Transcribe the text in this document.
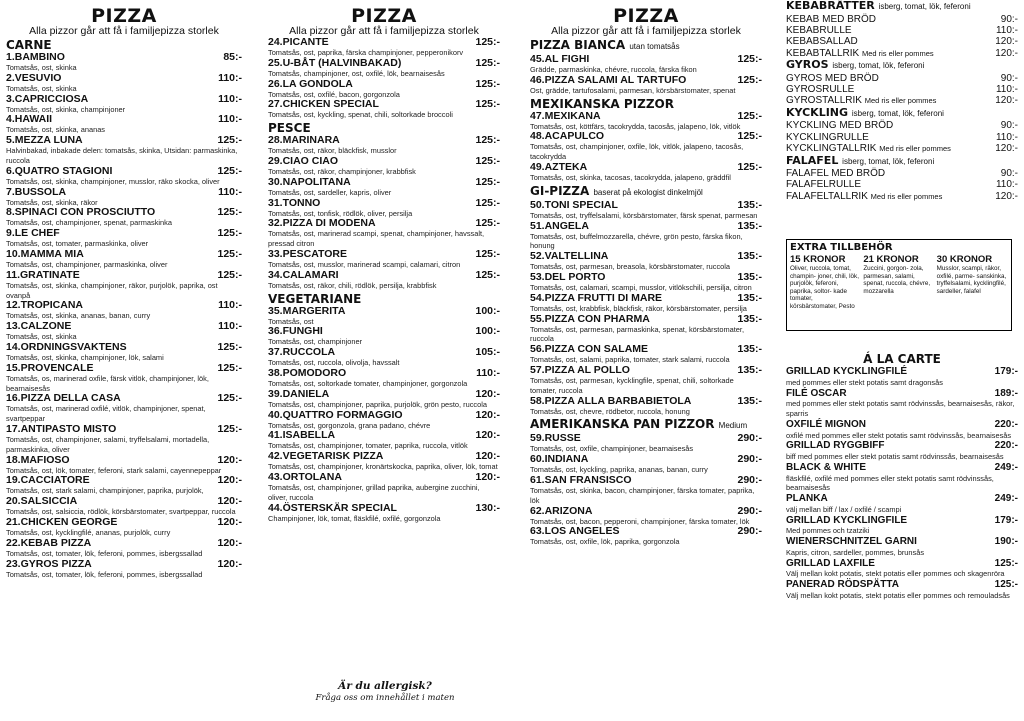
PIZZA
Alla pizzor går att få i familjepizza storlek
CARNE
1.BAMBINO	85:-
Tomatsås, ost, skinka
2.VESUVIO	110:-
Tomatsås, ost, skinka
3.CAPRICCIOSA	110:-
Tomatsås, ost, skinka, champinjoner
4.HAWAII	110:-
Tomatsås, ost, skinka, ananas
5.MEZZA LUNA	125:-
Halvinbakad, inbakade delen: tomatsås, skinka, Utsidan: parmaskinka, ruccola
6.QUATRO STAGIONI	125:-
Tomatsås, ost, skinka, champinjoner, musslor, räko skocka, oliver
7.BUSSOLA	110:-
Tomatsås, ost, skinka, räkor
8.SPINACI CON PROSCIUTTO	125:-
Tomatsås, ost, champinjoner, spenat, parmaskinka
9.LE CHEF	125:-
Tomatsås, ost, tomater, parmaskinka, oliver
10.MAMMA MIA	125:-
Tomatsås, ost, champinjoner, parmaskinka, oliver
11.GRATINATE	125:-
Tomatsås, ost, skinka, champinjoner, räkor, purjolök, paprika, ost ovanpå
12.TROPICANA	110:-
Tomatsås, ost, skinka, ananas, banan, curry
13.CALZONE	110:-
Tomatsås, ost, skinka
14.ORDNINGSVAKTENS	125:-
Tomatsås, ost, skinka, champinjoner, lök, salami
15.PROVENCALE	125:-
Tomatsås, os, marinerad oxfile, färsk vitlök, champinjoner, lök, bearnaisesås
16.PIZZA DELLA CASA	125:-
Tomatsås, ost, marinerad oxfilé, vitlök, champinjoner, spenat, svartpeppar
17.ANTIPASTO MISTO	125:-
Tomatsås, ost, champinjoner, salami, tryffelsalami, mortadella, parmaskinka, oliver
18.MAFIOSO	120:-
Tomatsås, ost, lök, tomater, feferoni, stark salami, cayennepeppar
19.CACCIATORE	120:-
Tomatsås, ost, stark salami, champinjoner, paprika, purjolök,
20.SALSICCIA	120:-
Tomatsås, ost, salsiccia, rödlök, körsbärstomater, svartpeppar, ruccola
21.CHICKEN GEORGE	120:-
Tomatsås, ost, kycklingfilé, ananas, purjolök, curry
22.KEBAB PIZZA	120:-
Tomatsås, ost, tomater, lök, feferoni, pommes, isbergssallad
23.GYROS PIZZA	120:-
Tomatsås, ost, tomater, lök, feferoni, pommes, isbergssallad
PIZZA
Alla pizzor går att få i familjepizza storlek
24.PICANTE	125:-
Tomatsås, ost, paprika, färska champinjoner, pepperonikorv
25.U-BÅT (HALVINBAKAD)	125:-
Tomatsås, champinjoner, ost, oxfilé, lök, bearnaisesås
26.LA GONDOLA	125:-
Tomatsås, ost, oxfilé, bacon, gorgonzola
27.CHICKEN SPECIAL	125:-
Tomatsås, ost, kyckling, spenat, chili, soltorkade broccoli
PESCE
28.MARINARA	125:-
Tomatsås, ost, räkor, bläckfisk, musslor
29.CIAO CIAO	125:-
Tomatsås, ost, räkor, champinjoner, krabbfisk
30.NAPOLITANA	125:-
Tomatsås, ost, sardeller, kapris, oliver
31.TONNO	125:-
Tomatsås, ost, tonfisk, rödlök, oliver, persilja
32.PIZZA DI MODENA	125:-
Tomatsås, ost, marinerad scampi, spenat, champinjoner, havssalt, pressad citron
33.PESCATORE	125:-
Tomatsås, ost, musslor, marinerad scampi, calamari, citron
34.CALAMARI	125:-
Tomatsås, ost, räkor, chili, rödlök, persilja, krabbfisk
VEGETARIANE
35.MARGERITA	100:-
Tomatsås, ost
36.FUNGHI	100:-
Tomatsås, ost, champinjoner
37.RUCCOLA	105:-
Tomatsås, ost, ruccola, olivolja, havssalt
38.POMODORO	110:-
Tomatsås, ost, soltorkade tomater, champinjoner, gorgonzola
39.DANIELA	120:-
Tomatsås, ost, champinjoner, paprika, purjolök, grön pesto, ruccola
40.QUATTRO FORMAGGIO	120:-
Tomatsås, ost, gorgonzola, grana padano, chévre
41.ISABELLA	120:-
Tomatsås, ost, champinjoner, tomater, paprika, ruccola, vitlök
42.VEGETARISK PIZZA	120:-
Tomatsås, ost, champinjoner, kronärtskocka, paprika, oliver, lök, tomat
43.ORTOLANA	120:-
Tomatsås, ost, champinjoner, grillad paprika, aubergine zucchini, oliver, ruccola
44.ÖSTERSKÄR SPECIAL	130:-
Champinjoner, lök, tomat, fläskfilé, oxfilé, gorgonzola
PIZZA
Alla pizzor går att få i familjepizza storlek
PIZZA BIANCA utan tomatsås
45.AL FIGHI	125:-
Grädde, parmaskinka, chévre, ruccola, färska fikon
46.PIZZA SALAMI AL TARTUFO	125:-
Ost, grädde, tartufosalami, parmesan, körsbärstomater, spenat
MEXIKANSKA PIZZOR
47.MEXIKANA	125:-
Tomatsås, ost, köttfärs, tacokrydda, tacosås, jalapeno, lök, vitlök
48.ACAPULCO	125:-
Tomatsås, ost, champinjoner, oxfile, lök, vitlök, jalapeno, tacosås, tacokrydda
49.AZTEKA	125:-
Tomatsås, ost, skinka, tacosas, tacokrydda, jalapeno, gräddfil
GI-PIZZA baserat på ekologist dinkelmjöl
50.TONI SPECIAL	135:-
Tomatsås, ost, tryffelsalami, körsbärstomater, färsk spenat, parmesan
51.ANGELA	135:-
Tomatsås, ost, buffelmozzarella, chévre, grön pesto, färska fikon, honung
52.VALTELLINA	135:-
Tomatsås, ost, parmesan, breasola, körsbärstomater, ruccola
53.DEL PORTO	135:-
Tomatsås, ost, calamari, scampi, musslor, vitlökschili, persilja, citron
54.PIZZA FRUTTI DI MARE	135:-
Tomatsås, ost, krabbfisk, bläckfisk, räkor, körsbärstomater, persilja
55.PIZZA CON PHARMA	135:-
Tomatsås, ost, parmesan, parmaskinka, spenat, körsbärstomater, ruccola
56.PIZZA CON SALAME	135:-
Tomatsås, ost, salami, paprika, tomater, stark salami, ruccola
57.PIZZA AL POLLO	135:-
Tomatsås, ost, parmesan, kycklingfile, spenat, chili, soltorkade tomater, ruccola
58.PIZZA ALLA BARBABIETOLA	135:-
Tomatsås, ost, chevre, rödbetor, ruccola, honung
AMERIKANSKA PAN PIZZOR Medium
59.RUSSE	290:-
Tomatsås, ost, oxfile, champinjoner, bearnaisesås
60.INDIANA	290:-
Tomatsås, ost, kyckling, paprika, ananas, banan, curry
61.SAN FRANSISCO	290:-
Tomatsås, ost, skinka, bacon, champinjoner, färska tomater, paprika, lök
62.ARIZONA	290:-
Tomatsås, ost, bacon, pepperoni, champinjoner, färska tomater, lök
63.LOS ANGELES	290:-
Tomatsås, ost, oxfile, lök, paprika, gorgonzola
KEBABRÄTTER isberg, tomat, lök, feferoni
KEBAB MED BRÖD	90:-
KEBABRULLE	110:-
KEBABSALLAD	120:-
KEBABTALLRIK Med ris eller pommes	120:-
GYROS isberg, tomat, lök, feferoni
GYROS MED BRÖD	90:-
GYROSRULLE	110:-
GYROSTALLRIK Med ris eller pommes	120:-
KYCKLING isberg, tomat, lök, feferoni
KYCKLING MED BRÖD	90:-
KYCKLINGRULLE	110:-
KYCKLINGTALLRIK Med ris eller pommes	120:-
FALAFEL isberg, tomat, lök, feferoni
FALAFEL MED BRÖD	90:-
FALAFELRULLE	110:-
FALAFELTALLRIK Med ris eller pommes	120:-
EXTRA TILLBEHÖR
15 KRONOR
Oliver, ruccola, tomat, champin- joner, chili, lök, purjolök, feferoni, paprika, soltor- kade tomater, körsbärstomater, Pesto
21 KRONOR
Zuccini, gorgon- zola, parmesan, salami, spenat, ruccola, chévre, mozzarella
30 KRONOR
Musslor, scampi, räkor, oxfilé, parme- sanskinka, tryffelsalami, kycklingfilé, sardeller, falafel
Á LA CARTE
GRILLAD KYCKLINGFILÉ	179:-
med pommes eller stekt potatis samt dragonsås
FILÉ OSCAR	189:-
med pommes eller stekt potatis samt rödvinssås, bearnaisesås, räkor, sparris
OXFILÉ MIGNON	220:-
oxfilé med pommes eller stekt potatis samt rödvinssås, bearnaisesås
GRILLAD RYGGBIFF	220:-
biff med pommes eller stekt potatis samt rödvinssås, bearnaisesås
BLACK & WHITE	249:-
fläskfilé, oxfilé med pommes eller stekt potatis samt rödvinssås, bearnaisesås
PLANKA	249:-
välj mellan biff / lax / oxfilé / scampi
GRILLAD KYCKLINGFILE	179:-
Med pommes och tzatziki
WIENERSCHNITZEL GARNI	190:-
Kapris, citron, sardeller, pommes, brunsås
GRILLAD LAXFILE	125:-
Välj mellan kokt potatis, stekt potatis eller pommes och skagenröra
PANERAD RÖDSPÄTTA	125:-
Välj mellan kokt potatis, stekt potatis eller pommes och remouladsås
Är du allergisk?
Fråga oss om innehållet i maten
